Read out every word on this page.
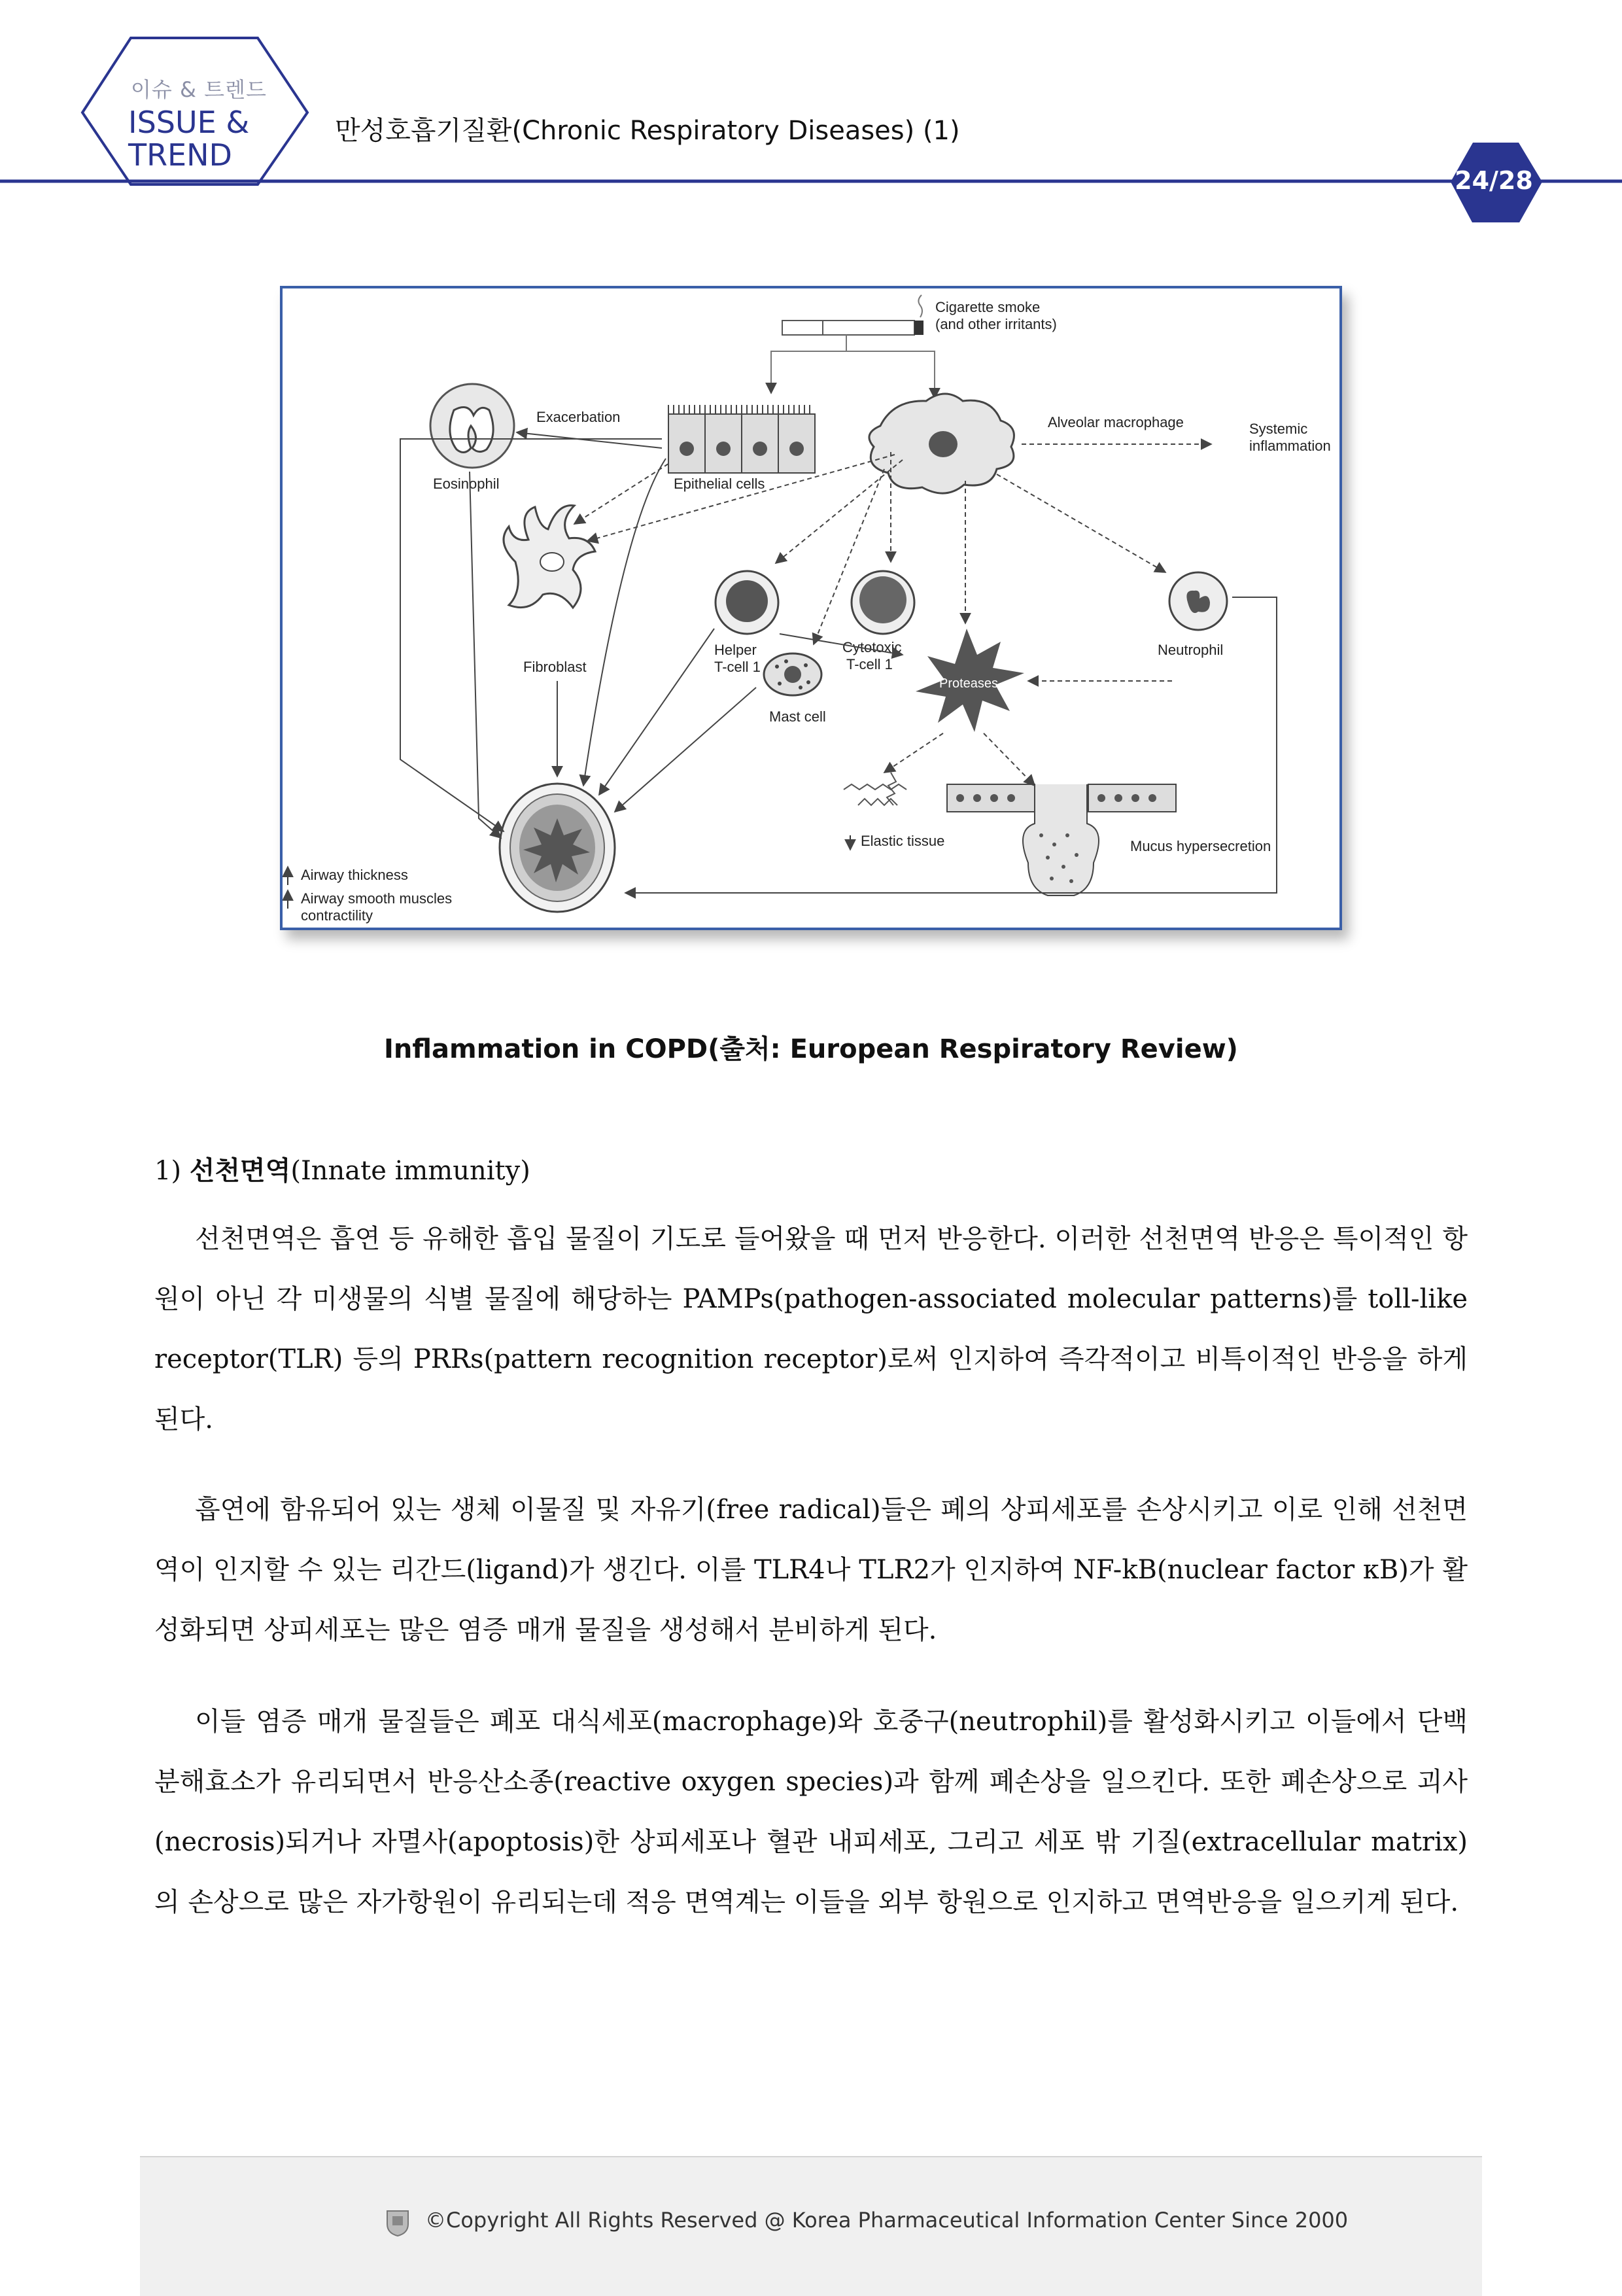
이슈 & 트렌드
ISSUE &
TREND
만성호흡기질환(Chronic Respiratory Diseases) (1)
24/28
Cigarette smoke
(and other irritants)
Eosinophil
Exacerbation
Epithelial cells
Alveolar macrophage	Systemic
inflammation
Fibroblast
Helper
T-cell 1
Cytotoxic
T-cell 1
Mast cell
Proteases
Neutrophil
Elastic tissue	Mucus hypersecretion
Airway thickness
Airway smooth muscles
contractility
Inflammation in COPD(출처: European Respiratory Review)
1) 선천면역(Innate immunity)

선천면역은 흡연 등 유해한 흡입 물질이 기도로 들어왔을 때 먼저 반응한다. 이러한 선천면역 반응은 특이적인 항원이 아닌 각 미생물의 식별 물질에 해당하는 PAMPs(pathogen-associated molecular patterns)를 toll-like receptor(TLR) 등의 PRRs(pattern recognition receptor)로써 인지하여 즉각적이고 비특이적인 반응을 하게 된다.

흡연에 함유되어 있는 생체 이물질 및 자유기(free radical)들은 폐의 상피세포를 손상시키고 이로 인해 선천면역이 인지할 수 있는 리간드(ligand)가 생긴다. 이를 TLR4나 TLR2가 인지하여 NF-kB(nuclear factor κB)가 활성화되면 상피세포는 많은 염증 매개 물질을 생성해서 분비하게 된다.

이들 염증 매개 물질들은 폐포 대식세포(macrophage)와 호중구(neutrophil)를 활성화시키고 이들에서 단백분해효소가 유리되면서 반응산소종(reactive oxygen species)과 함께 폐손상을 일으킨다. 또한 폐손상으로 괴사(necrosis)되거나 자멸사(apoptosis)한 상피세포나 혈관 내피세포, 그리고 세포 밖 기질(extracellular matrix)의 손상으로 많은 자가항원이 유리되는데 적응 면역계는 이들을 외부 항원으로 인지하고 면역반응을 일으키게 된다.

©Copyright All Rights Reserved @ Korea Pharmaceutical Information Center Since 2000
